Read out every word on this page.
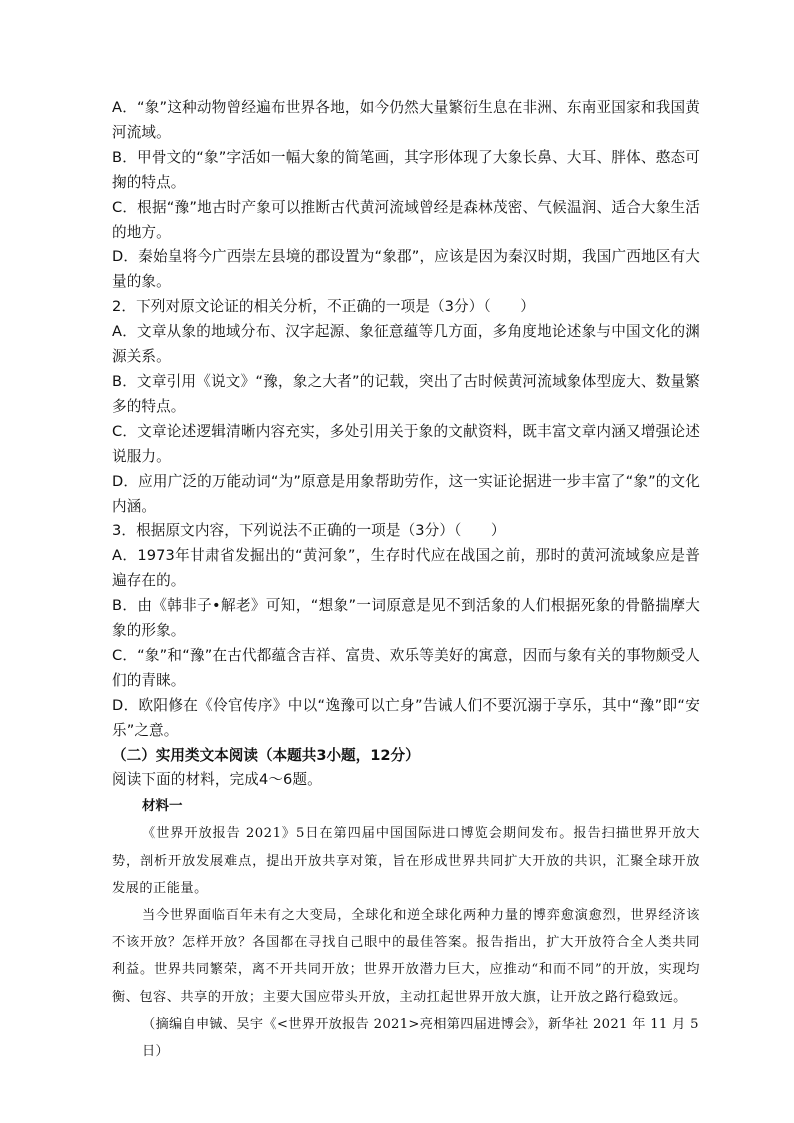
A．“象”这种动物曾经遍布世界各地，如今仍然大量繁衍生息在非洲、东南亚国家和我国黄河流域。

B．甲骨文的“象”字活如一幅大象的简笔画，其字形体现了大象长鼻、大耳、胖体、憨态可掬的特点。

C．根据“豫”地古时产象可以推断古代黄河流域曾经是森林茂密、气候温润、适合大象生活的地方。

D．秦始皇将今广西崇左县境的郡设置为“象郡”，应该是因为秦汉时期，我国广西地区有大量的象。

2．下列对原文论证的相关分析，不正确的一项是（3分）（　　）

A．文章从象的地域分布、汉字起源、象征意蕴等几方面，多角度地论述象与中国文化的渊源关系。

B．文章引用《说文》“豫，象之大者”的记载，突出了古时候黄河流域象体型庞大、数量繁多的特点。

C．文章论述逻辑清晰内容充实，多处引用关于象的文献资料，既丰富文章内涵又增强论述说服力。

D．应用广泛的万能动词“为”原意是用象帮助劳作，这一实证论据进一步丰富了“象”的文化内涵。

3．根据原文内容，下列说法不正确的一项是（3分）（　　）

A．1973年甘肃省发掘出的“黄河象”，生存时代应在战国之前，那时的黄河流域象应是普遍存在的。

B．由《韩非子•解老》可知，“想象”一词原意是见不到活象的人们根据死象的骨骼揣摩大象的形象。

C．“象”和“豫”在古代都蕴含吉祥、富贵、欢乐等美好的寓意，因而与象有关的事物颇受人们的青睐。

D．欧阳修在《伶官传序》中以“逸豫可以亡身”告诫人们不要沉溺于享乐，其中“豫”即“安乐”之意。

（二）实用类文本阅读（本题共3小题，12分）

阅读下面的材料，完成4～6题。

材料一

《世界开放报告 2021》5日在第四届中国国际进口博览会期间发布。报告扫描世界开放大势，剖析开放发展难点，提出开放共享对策，旨在形成世界共同扩大开放的共识，汇聚全球开放发展的正能量。

当今世界面临百年未有之大变局，全球化和逆全球化两种力量的博弈愈演愈烈，世界经济该不该开放？怎样开放？各国都在寻找自己眼中的最佳答案。报告指出，扩大开放符合全人类共同利益。世界共同繁荣，离不开共同开放；世界开放潜力巨大，应推动“和而不同”的开放，实现均衡、包容、共享的开放；主要大国应带头开放，主动扛起世界开放大旗，让开放之路行稳致远。

（摘编自申铖、吴宇《<世界开放报告 2021>亮相第四届进博会》，新华社 2021 年 11 月 5 日）
